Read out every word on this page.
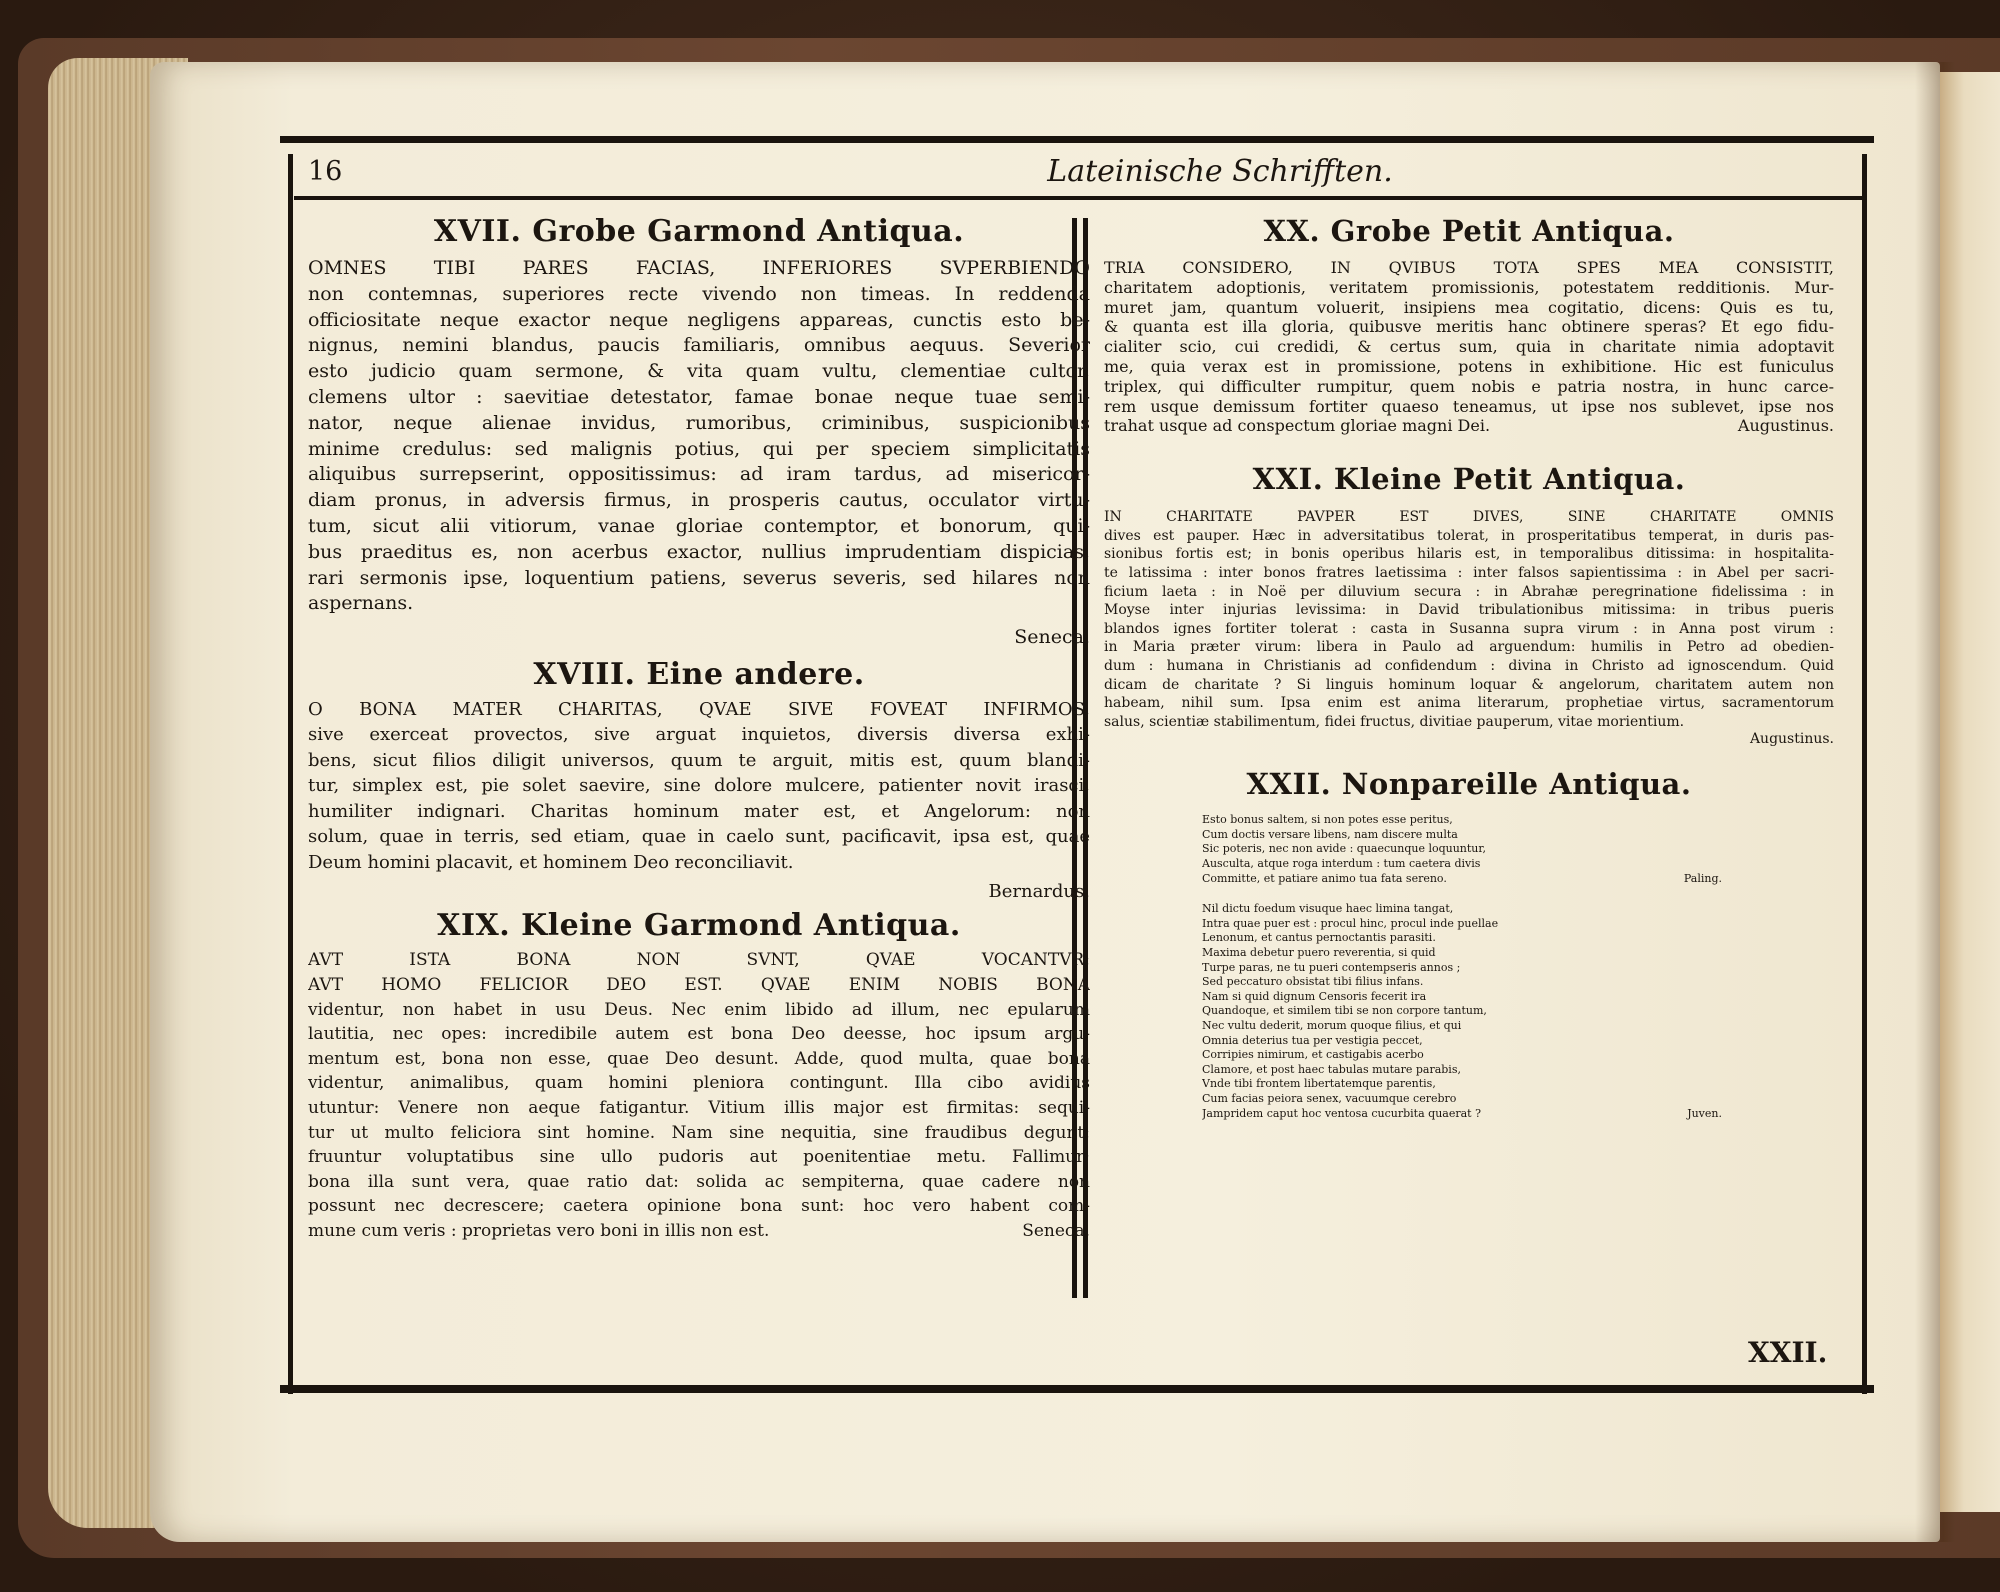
16	Lateinische Schrifften.
XXII.
XVII. Grobe Garmond Antiqua.
OMNES TIBI PARES FACIAS, INFERIORES SVPERBIENDO
non contemnas, superiores recte vivendo non timeas. In reddenda
officiositate neque exactor neque negligens appareas, cunctis esto be-
nignus, nemini blandus, paucis familiaris, omnibus aequus. Severior
esto judicio quam sermone, & vita quam vultu, clementiae cultor,
clemens ultor : saevitiae detestator, famae bonae neque tuae semi-
nator, neque alienae invidus, rumoribus, criminibus, suspicionibus
minime credulus: sed malignis potius, qui per speciem simplicitatis
aliquibus surrepserint, oppositissimus: ad iram tardus, ad misericor-
diam pronus, in adversis firmus, in prosperis cautus, occulator virtu-
tum, sicut alii vitiorum, vanae gloriae contemptor, et bonorum, qui-
bus praeditus es, non acerbus exactor, nullius imprudentiam dispicias,
rari sermonis ipse, loquentium patiens, severus severis, sed hilares non
aspernans.
Seneca.
XVIII. Eine andere.
O BONA MATER CHARITAS, QVAE SIVE FOVEAT INFIRMOS,
sive exerceat provectos, sive arguat inquietos, diversis diversa exhi-
bens, sicut filios diligit universos, quum te arguit, mitis est, quum blandi-
tur, simplex est, pie solet saevire, sine dolore mulcere, patienter novit irasci,
humiliter indignari. Charitas hominum mater est, et Angelorum: non
solum, quae in terris, sed etiam, quae in caelo sunt, pacificavit, ipsa est, quae
Deum homini placavit, et hominem Deo reconciliavit.
Bernardus.
XIX. Kleine Garmond Antiqua.
AVT ISTA BONA NON SVNT, QVAE VOCANTVR:
AVT HOMO FELICIOR DEO EST. QVAE ENIM NOBIS BONA
videntur, non habet in usu Deus. Nec enim libido ad illum, nec epularum
lautitia, nec opes: incredibile autem est bona Deo deesse, hoc ipsum argu-
mentum est, bona non esse, quae Deo desunt. Adde, quod multa, quae bona
videntur, animalibus, quam homini pleniora contingunt. Illa cibo avidius
utuntur: Venere non aeque fatigantur. Vitium illis major est firmitas: sequi-
tur ut multo feliciora sint homine. Nam sine nequitia, sine fraudibus degunt:
fruuntur voluptatibus sine ullo pudoris aut poenitentiae metu. Fallimur;
bona illa sunt vera, quae ratio dat: solida ac sempiterna, quae cadere non
possunt nec decrescere; caetera opinione bona sunt: hoc vero habent com-
mune cum veris : proprietas vero boni in illis non est.	Seneca.
XX. Grobe Petit Antiqua.
TRIA CONSIDERO, IN QVIBUS TOTA SPES MEA CONSISTIT,
charitatem adoptionis, veritatem promissionis, potestatem redditionis. Mur-
muret jam, quantum voluerit, insipiens mea cogitatio, dicens: Quis es tu,
& quanta est illa gloria, quibusve meritis hanc obtinere speras? Et ego fidu-
cialiter scio, cui credidi, & certus sum, quia in charitate nimia adoptavit
me, quia verax est in promissione, potens in exhibitione. Hic est funiculus
triplex, qui difficulter rumpitur, quem nobis e patria nostra, in hunc carce-
rem usque demissum fortiter quaeso teneamus, ut ipse nos sublevet, ipse nos
trahat usque ad conspectum gloriae magni Dei.	Augustinus.
XXI. Kleine Petit Antiqua.
IN CHARITATE PAVPER EST DIVES, SINE CHARITATE OMNIS
dives est pauper. Hæc in adversitatibus tolerat, in prosperitatibus temperat, in duris pas-
sionibus fortis est; in bonis operibus hilaris est, in temporalibus ditissima: in hospitalita-
te latissima : inter bonos fratres laetissima : inter falsos sapientissima : in Abel per sacri-
ficium laeta : in Noë per diluvium secura : in Abrahæ peregrinatione fidelissima : in
Moyse inter injurias levissima: in David tribulationibus mitissima: in tribus pueris
blandos ignes fortiter tolerat : casta in Susanna supra virum : in Anna post virum :
in Maria præter virum: libera in Paulo ad arguendum: humilis in Petro ad obedien-
dum : humana in Christianis ad confidendum : divina in Christo ad ignoscendum. Quid
dicam de charitate ? Si linguis hominum loquar & angelorum, charitatem autem non
habeam, nihil sum. Ipsa enim est anima literarum, prophetiae virtus, sacramentorum
salus, scientiæ stabilimentum, fidei fructus, divitiae pauperum, vitae morientium.
Augustinus.
XXII. Nonpareille Antiqua.
Esto bonus saltem, si non potes esse peritus,
Cum doctis versare libens, nam discere multa
Sic poteris, nec non avide : quaecunque loquuntur,
Ausculta, atque roga interdum : tum caetera divis
Committe, et patiare animo tua fata sereno.	Paling.
Nil dictu foedum visuque haec limina tangat,
Intra quae puer est : procul hinc, procul inde puellae
Lenonum, et cantus pernoctantis parasiti.
Maxima debetur puero reverentia, si quid
Turpe paras, ne tu pueri contempseris annos ;
Sed peccaturo obsistat tibi filius infans.
Nam si quid dignum Censoris fecerit ira
Quandoque, et similem tibi se non corpore tantum,
Nec vultu dederit, morum quoque filius, et qui
Omnia deterius tua per vestigia peccet,
Corripies nimirum, et castigabis acerbo
Clamore, et post haec tabulas mutare parabis,
Vnde tibi frontem libertatemque parentis,
Cum facias peiora senex, vacuumque cerebro
Jampridem caput hoc ventosa cucurbita quaerat ?	Juven.
